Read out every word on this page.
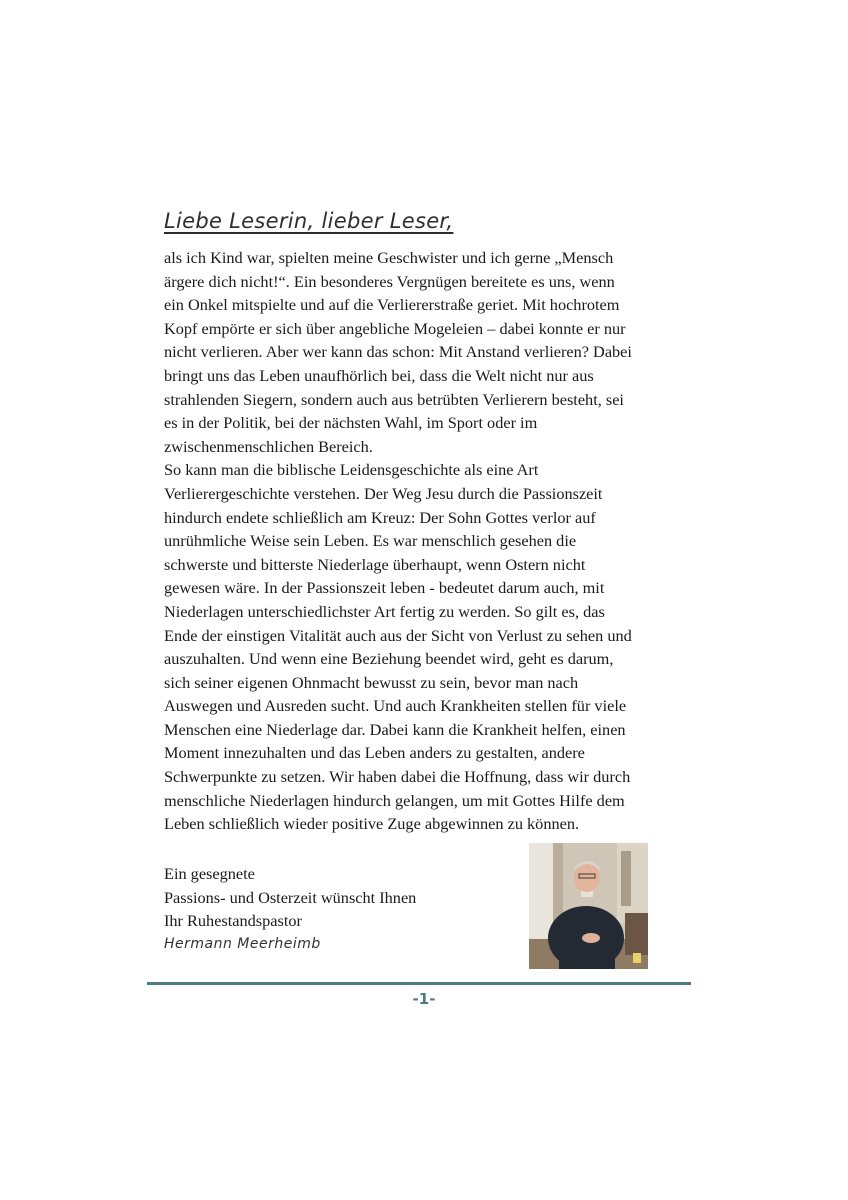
Liebe Leserin, lieber Leser,
als ich Kind war, spielten meine Geschwister und ich gerne „Mensch
ärgere dich nicht!“. Ein besonderes Vergnügen bereitete es uns, wenn
ein Onkel mitspielte und auf die Verliererstraße geriet. Mit hochrotem
Kopf empörte er sich über angebliche Mogeleien – dabei konnte er nur
nicht verlieren. Aber wer kann das schon: Mit Anstand verlieren? Dabei
bringt uns das Leben unaufhörlich bei, dass die Welt nicht nur aus
strahlenden Siegern, sondern auch aus betrübten Verlierern besteht, sei
es in der Politik, bei der nächsten Wahl, im Sport oder im
zwischenmenschlichen Bereich.
So kann man die biblische Leidensgeschichte als eine Art
Verlierergeschichte verstehen. Der Weg Jesu durch die Passionszeit
hindurch endete schließlich am Kreuz: Der Sohn Gottes verlor auf
unrühmliche Weise sein Leben. Es war menschlich gesehen die
schwerste und bitterste Niederlage überhaupt, wenn Ostern nicht
gewesen wäre. In der Passionszeit leben - bedeutet darum auch, mit
Niederlagen unterschiedlichster Art fertig zu werden. So gilt es, das
Ende der einstigen Vitalität auch aus der Sicht von Verlust zu sehen und
auszuhalten. Und wenn eine Beziehung beendet wird, geht es darum,
sich seiner eigenen Ohnmacht bewusst zu sein, bevor man nach
Auswegen und Ausreden sucht. Und auch Krankheiten stellen für viele
Menschen eine Niederlage dar. Dabei kann die Krankheit helfen, einen
Moment innezuhalten und das Leben anders zu gestalten, andere
Schwerpunkte zu setzen. Wir haben dabei die Hoffnung, dass wir durch
menschliche Niederlagen hindurch gelangen, um mit Gottes Hilfe dem
Leben schließlich wieder positive Zuge abgewinnen zu können.
Ein gesegnete
Passions- und Osterzeit wünscht Ihnen
Ihr Ruhestandspastor
Hermann Meerheimb
-1-
